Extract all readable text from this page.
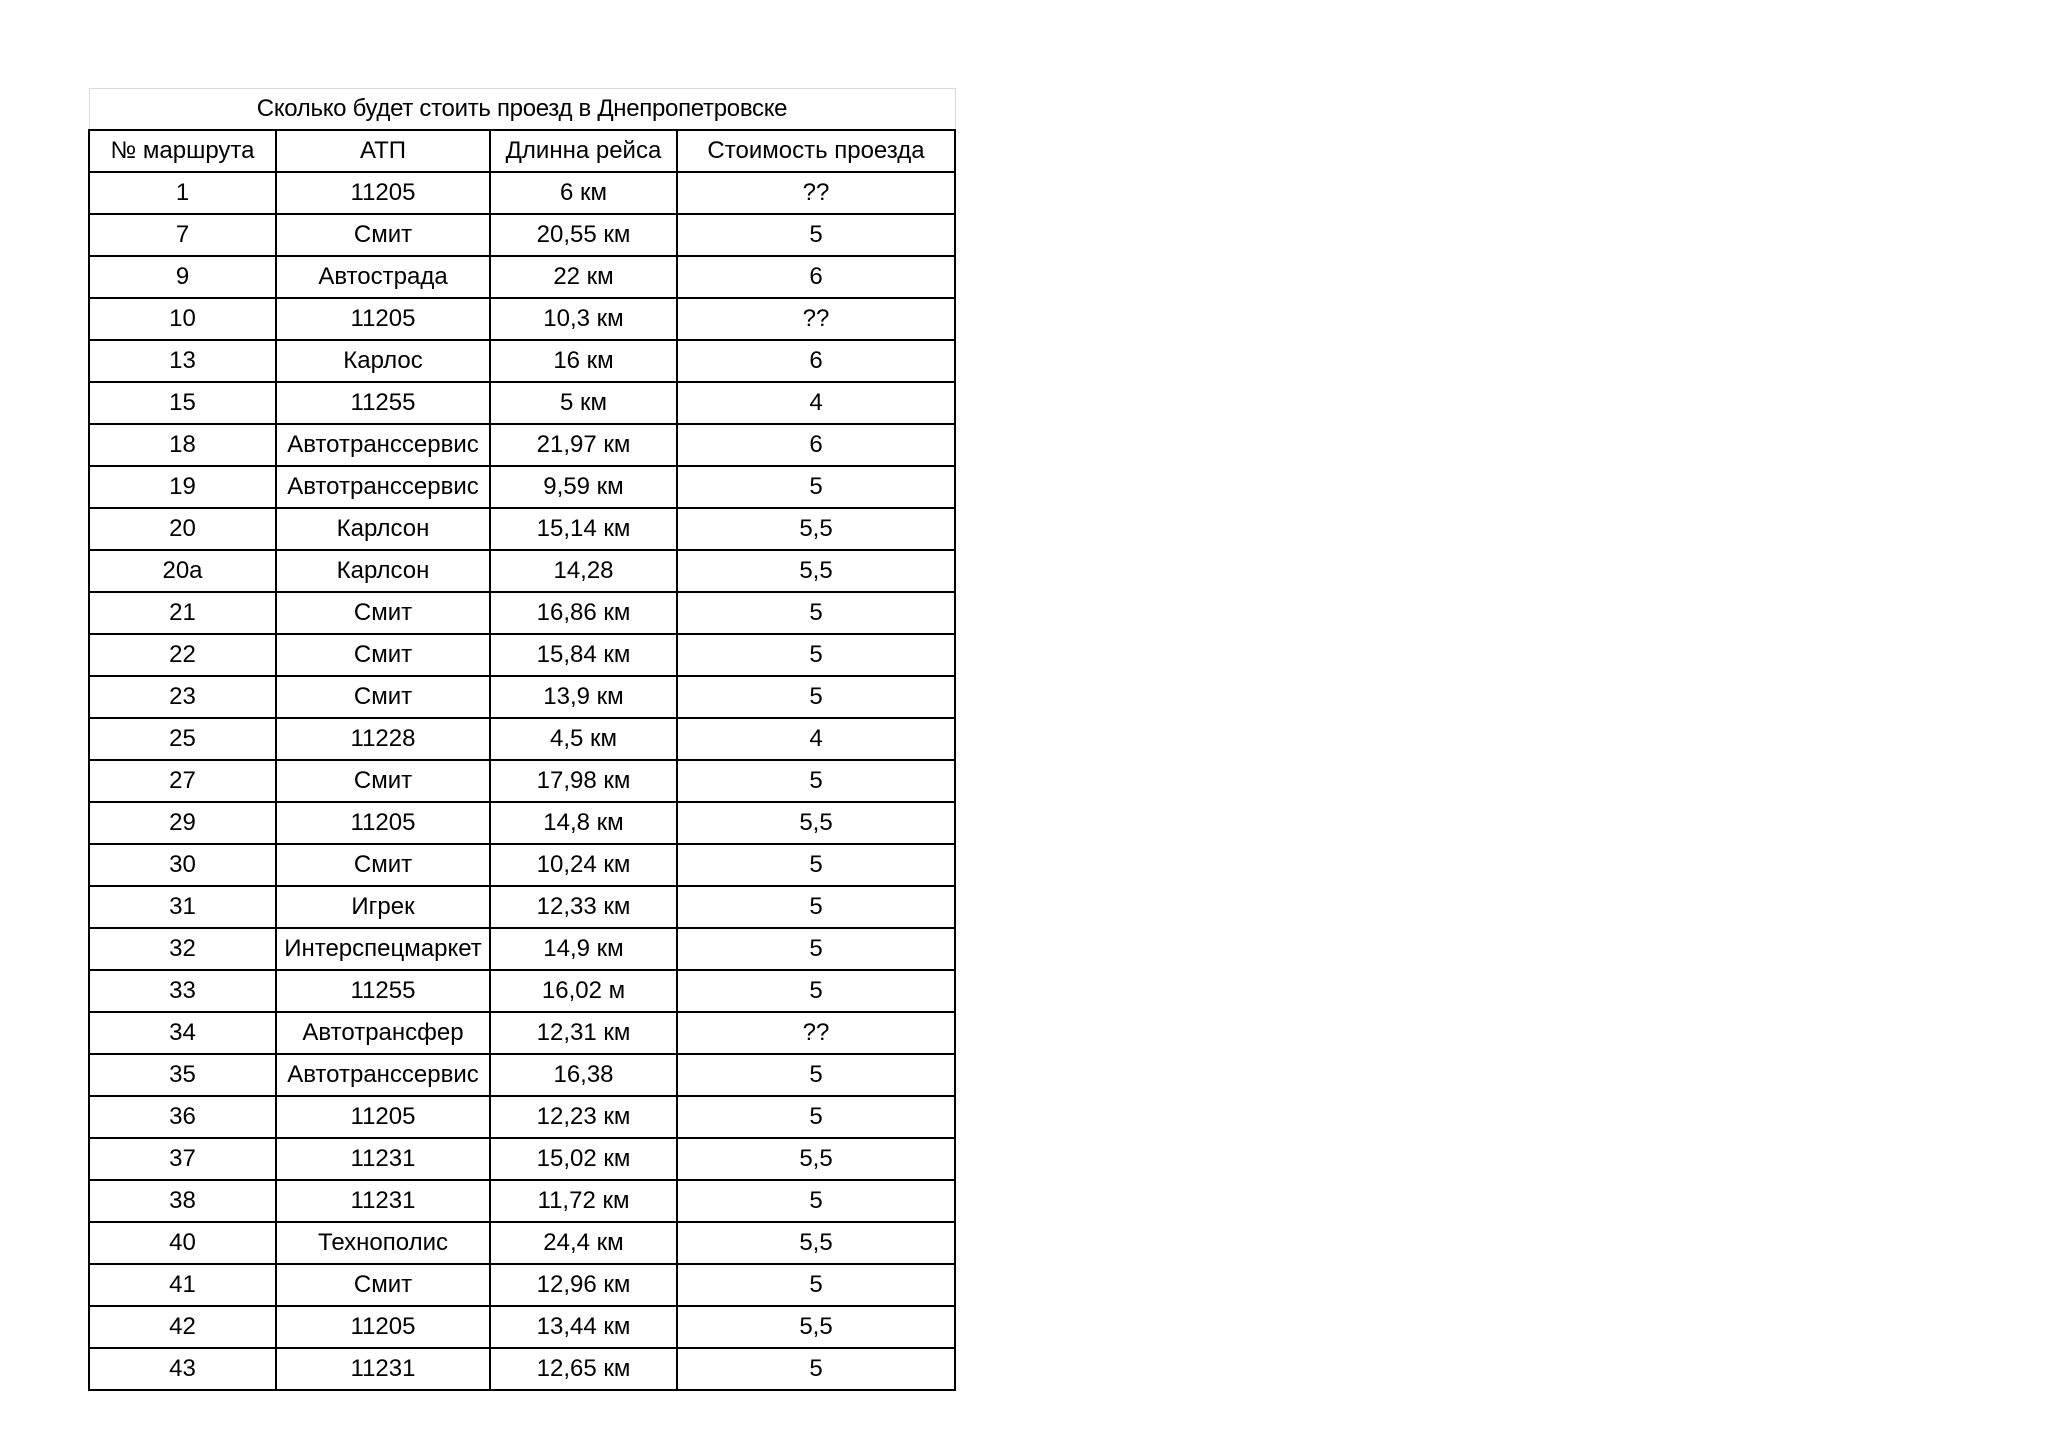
Сколько будет стоить проезд в Днепропетровске			
№ маршрута	АТП	Длинна рейса	Стоимость проезда
1	11205	6 км	??
7	Смит	20,55 км	5
9	Автострада	22 км	6
10	11205	10,3 км	??
13	Карлос	16 км	6
15	11255	5 км	4
18	Автотранссервис	21,97 км	6
19	Автотранссервис	9,59 км	5
20	Карлсон	15,14 км	5,5
20а	Карлсон	14,28	5,5
21	Смит	16,86 км	5
22	Смит	15,84 км	5
23	Смит	13,9 км	5
25	11228	4,5 км	4
27	Смит	17,98 км	5
29	11205	14,8 км	5,5
30	Смит	10,24 км	5
31	Игрек	12,33 км	5
32	Интерспецмаркет	14,9 км	5
33	11255	16,02 м	5
34	Автотрансфер	12,31 км	??
35	Автотранссервис	16,38	5
36	11205	12,23 км	5
37	11231	15,02 км	5,5
38	11231	11,72 км	5
40	Технополис	24,4 км	5,5
41	Смит	12,96 км	5
42	11205	13,44 км	5,5
43	11231	12,65 км	5
